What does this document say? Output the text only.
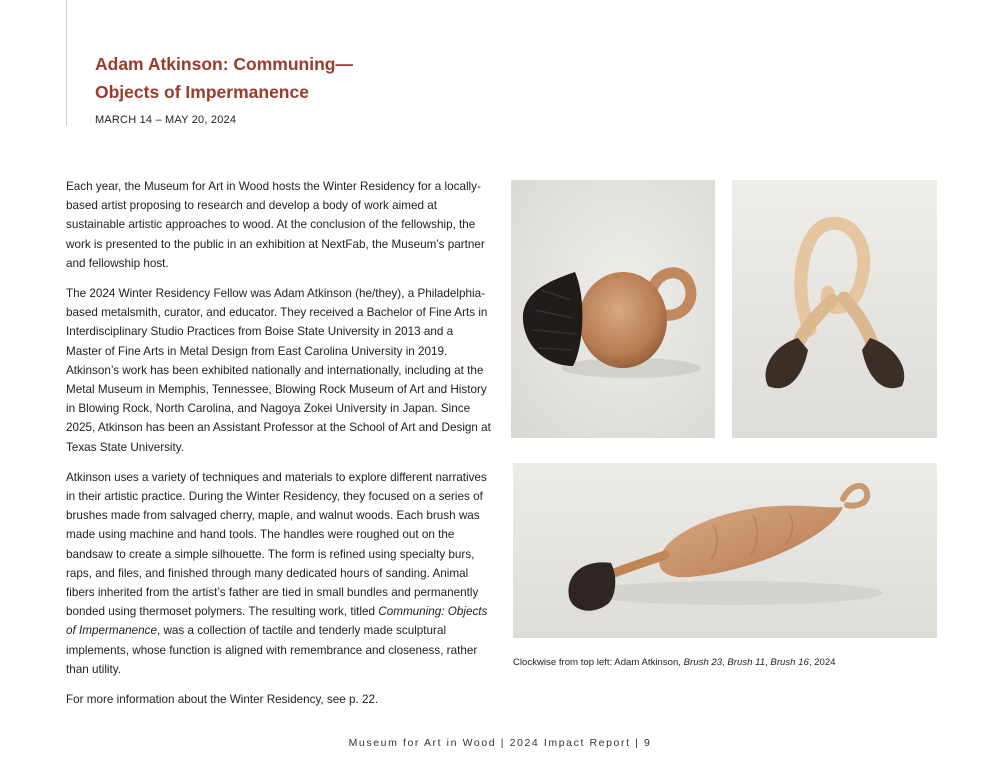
Adam Atkinson: Communing—
Objects of Impermanence
MARCH 14 – MAY 20, 2024

Each year, the Museum for Art in Wood hosts the Winter Residency for a locally-based artist proposing to research and develop a body of work aimed at sustainable artistic approaches to wood. At the conclusion of the fellowship, the work is presented to the public in an exhibition at NextFab, the Museum’s partner and fellowship host.

The 2024 Winter Residency Fellow was Adam Atkinson (he/they), a Philadelphia-based metalsmith, curator, and educator. They received a Bachelor of Fine Arts in Interdisciplinary Studio Practices from Boise State University in 2013 and a Master of Fine Arts in Metal Design from East Carolina University in 2019. Atkinson’s work has been exhibited nationally and internationally, including at the Metal Museum in Memphis, Tennessee, Blowing Rock Museum of Art and History in Blowing Rock, North Carolina, and Nagoya Zokei University in Japan. Since 2025, Atkinson has been an Assistant Professor at the School of Art and Design at Texas State University.

Atkinson uses a variety of techniques and materials to explore different narratives in their artistic practice. During the Winter Residency, they focused on a series of brushes made from salvaged cherry, maple, and walnut woods. Each brush was made using machine and hand tools. The handles were roughed out on the bandsaw to create a simple silhouette. The form is refined using specialty burs, raps, and files, and finished through many dedicated hours of sanding. Animal fibers inherited from the artist’s father are tied in small bundles and permanently bonded using thermoset polymers. The resulting work, titled Communing: Objects of Impermanence, was a collection of tactile and tenderly made sculptural implements, whose function is aligned with remembrance and closeness, rather than utility.

For more information about the Winter Residency, see p. 22.

Clockwise from top left: Adam Atkinson, Brush 23, Brush 11, Brush 16, 2024
Museum for Art in Wood | 2024 Impact Report | 9
